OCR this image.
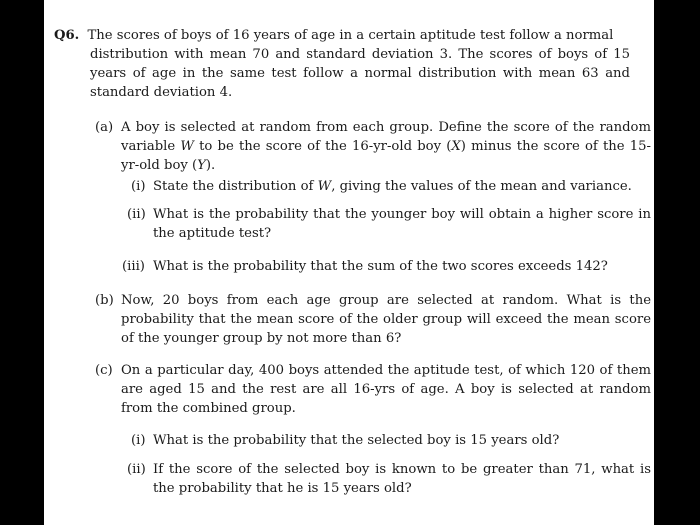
Q6. The scores of boys of 16 years of age in a certain aptitude test follow a normal
distribution with mean 70 and standard deviation 3. The scores of boys of 15 years of age in the same test follow a normal distribution with mean 63 and standard deviation 4.
(a) A boy is selected at random from each group. Define the score of the random variable W to be the score of the 16-yr-old boy (X) minus the score of the 15-yr-old boy (Y).
(i) State the distribution of W, giving the values of the mean and variance.
(ii) What is the probability that the younger boy will obtain a higher score in the aptitude test?
(iii) What is the probability that the sum of the two scores exceeds 142?
(b) Now, 20 boys from each age group are selected at random. What is the probability that the mean score of the older group will exceed the mean score of the younger group by not more than 6?
(c) On a particular day, 400 boys attended the aptitude test, of which 120 of them are aged 15 and the rest are all 16-yrs of age. A boy is selected at random from the combined group.
(i) What is the probability that the selected boy is 15 years old?
(ii) If the score of the selected boy is known to be greater than 71, what is the probability that he is 15 years old?
